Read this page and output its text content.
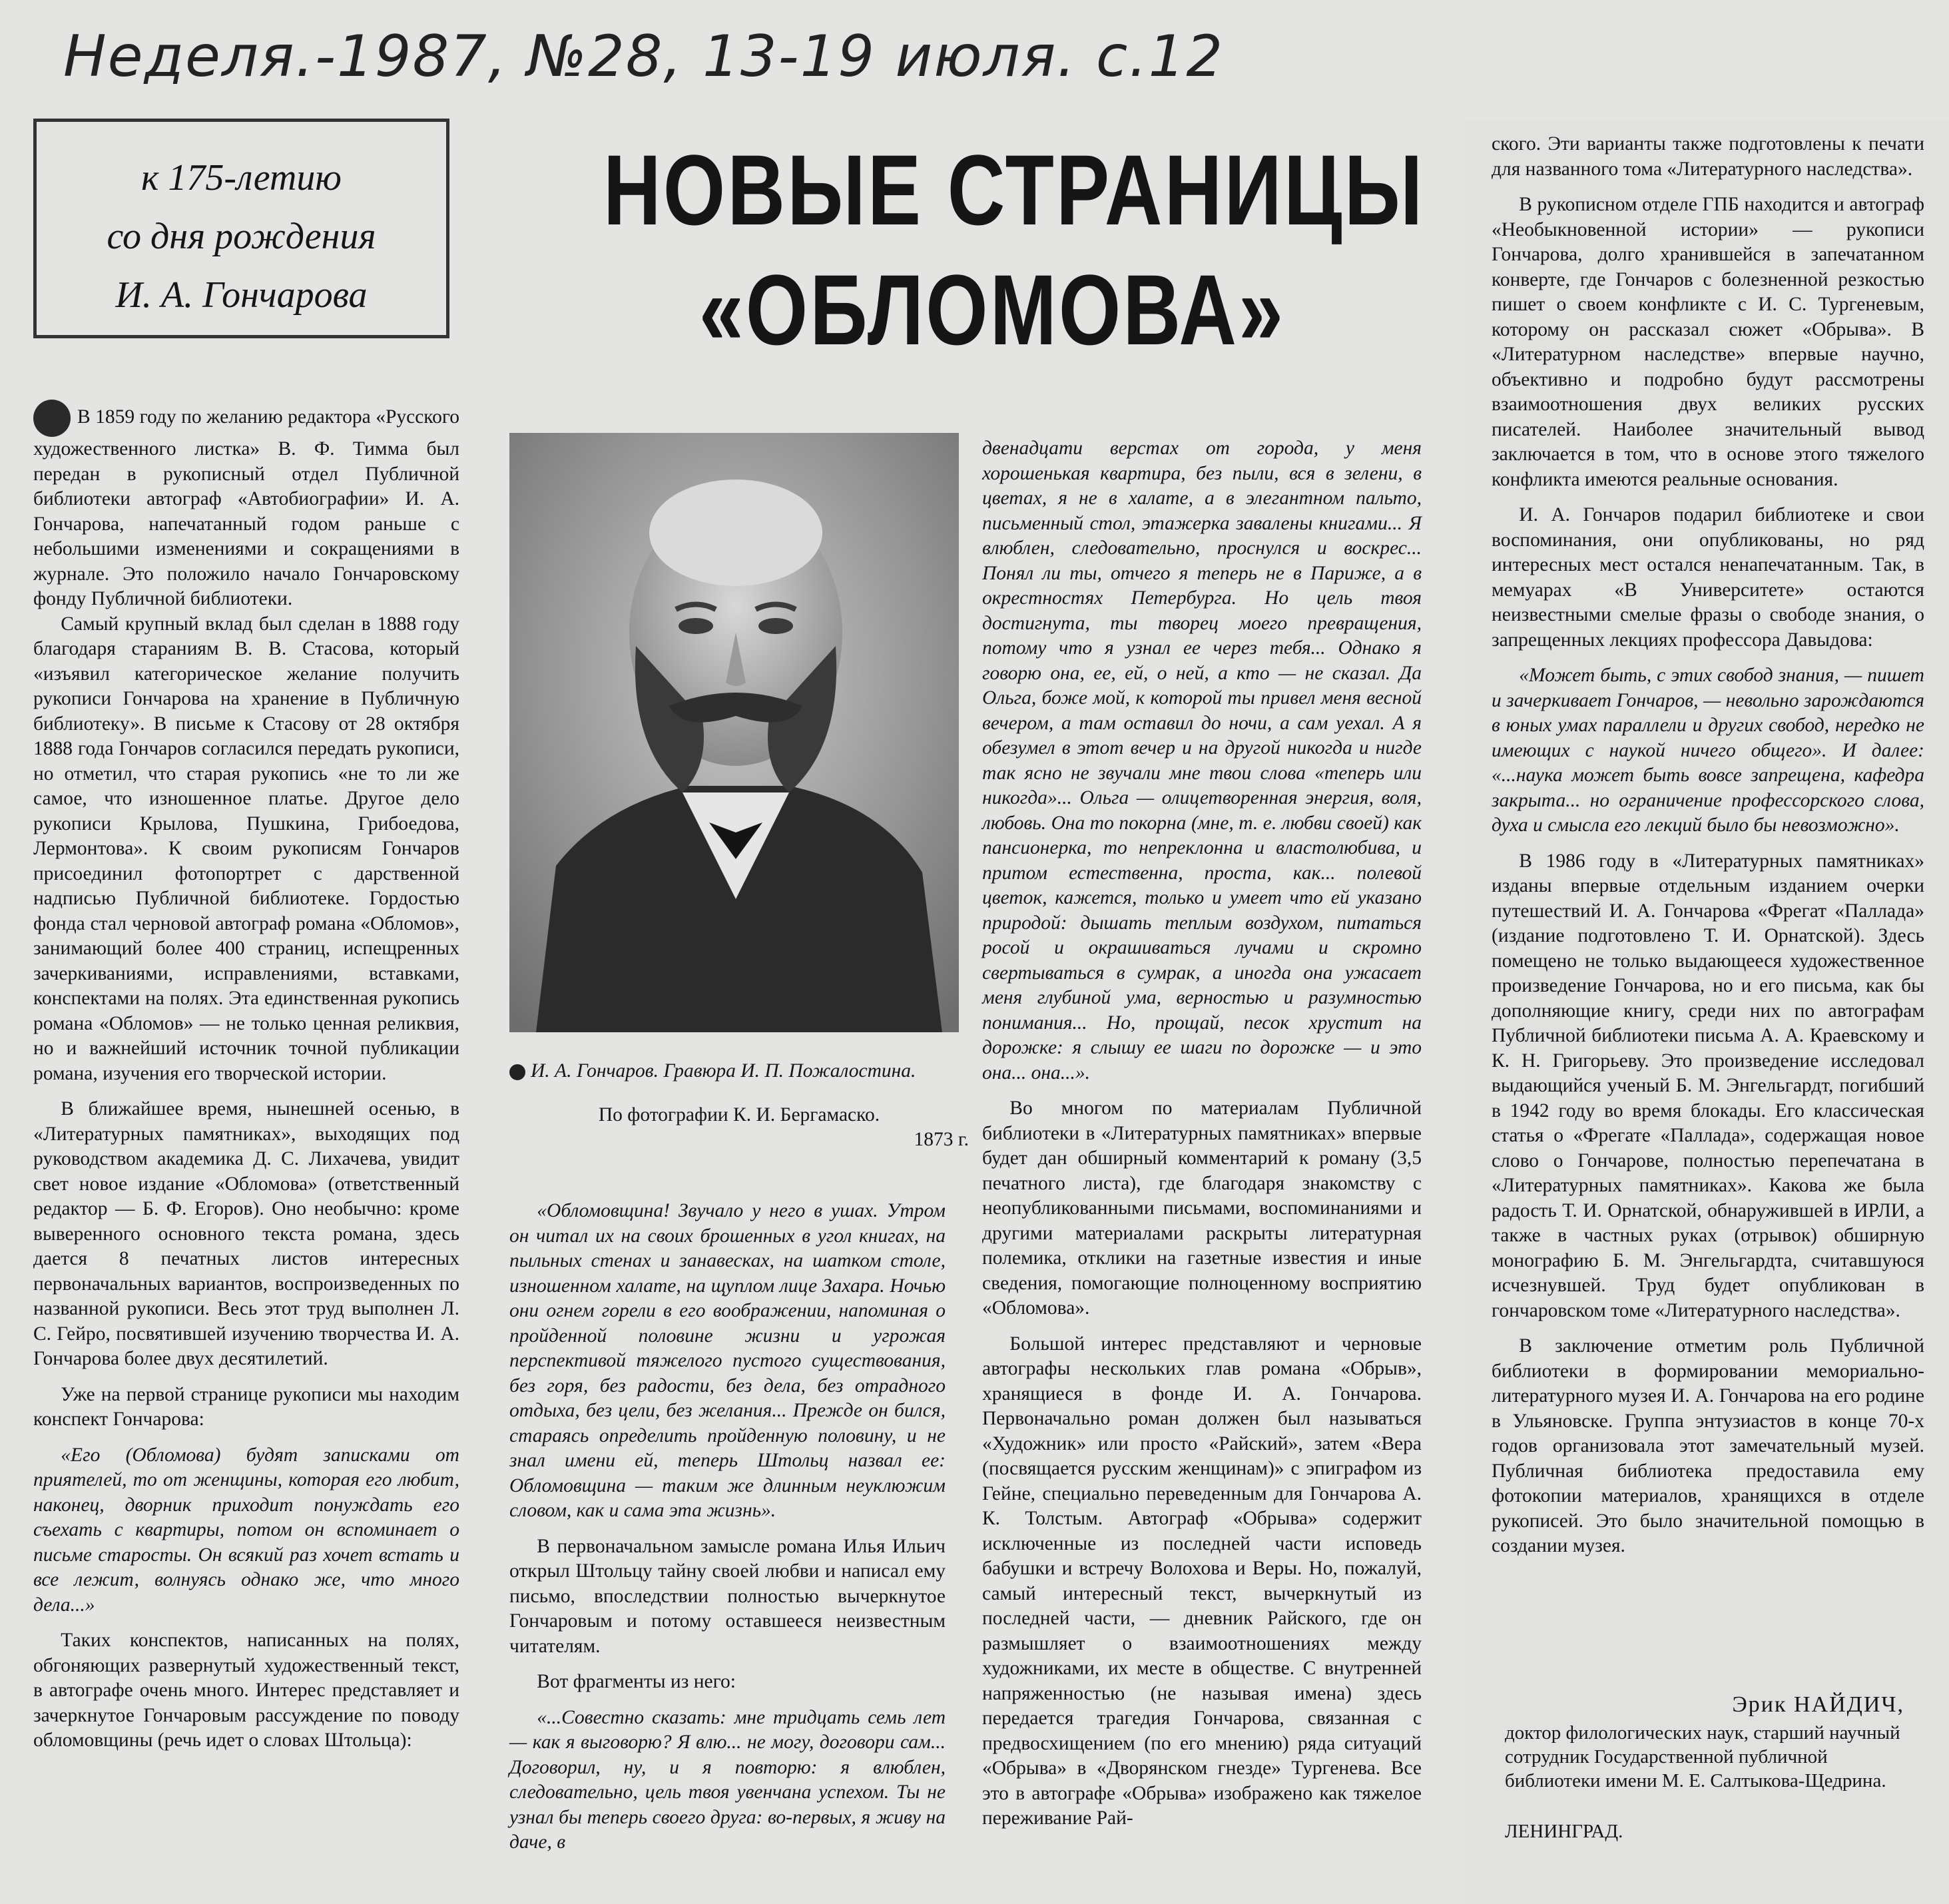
Неделя.-1987, №28, 13-19 июля. с.12
к 175-летию
со дня рождения
И. А. Гончарова
НОВЫЕ СТРАНИЦЫ
«ОБЛОМОВА»

В 1859 году по желанию редактора «Русского художественного листка» В. Ф. Тимма был передан в рукописный отдел Публичной библиотеки автограф «Автобиографии» И. А. Гончарова, напечатанный годом раньше с небольшими изменениями и сокращениями в журнале. Это положило начало Гончаровскому фонду Публичной библиотеки.

Самый крупный вклад был сделан в 1888 году благодаря стараниям В. В. Стасова, который «изъявил категорическое желание получить рукописи Гончарова на хранение в Публичную библиотеку». В письме к Стасову от 28 октября 1888 года Гончаров согласился передать рукописи, но отметил, что старая рукопись «не то ли же самое, что изношенное платье. Другое дело рукописи Крылова, Пушкина, Грибоедова, Лермонтова». К своим рукописям Гончаров присоединил фотопортрет с дарственной надписью Публичной библиотеке. Гордостью фонда стал черновой автограф романа «Обломов», занимающий более 400 страниц, испещренных зачеркиваниями, исправлениями, вставками, конспектами на полях. Эта единственная рукопись романа «Обломов» — не только ценная реликвия, но и важнейший источник точной публикации романа, изучения его творческой истории.

В ближайшее время, нынешней осенью, в «Литературных памятниках», выходящих под руководством академика Д. С. Лихачева, увидит свет новое издание «Обломова» (ответственный редактор — Б. Ф. Егоров). Оно необычно: кроме выверенного основного текста романа, здесь дается 8 печатных листов интересных первоначальных вариантов, воспроизведенных по названной рукописи. Весь этот труд выполнен Л. С. Гейро, посвятившей изучению творчества И. А. Гончарова более двух десятилетий.

Уже на первой странице рукописи мы находим конспект Гончарова:

«Его (Обломова) будят записками от приятелей, то от женщины, которая его любит, наконец, дворник приходит понуждать его съехать с квартиры, потом он вспоминает о письме старосты. Он всякий раз хочет встать и все лежит, волнуясь однако же, что много дела...»

Таких конспектов, написанных на полях, обгоняющих развернутый художественный текст, в автографе очень много. Интерес представляет и зачеркнутое Гончаровым рассуждение по поводу обломовщины (речь идет о словах Штольца):

И. А. Гончаров. Гравюра И. П. Пожалостина.
По фотографии К. И. Бергамаско.
1873 г.

«Обломовщина! Звучало у него в ушах. Утром он читал их на своих брошенных в угол книгах, на пыльных стенах и занавесках, на шатком столе, изношенном халате, на щуплом лице Захара. Ночью они огнем горели в его воображении, напоминая о пройденной половине жизни и угрожая перспективой тяжелого пустого существования, без горя, без радости, без дела, без отрадного отдыха, без цели, без желания... Прежде он бился, стараясь определить пройденную половину, и не знал имени ей, теперь Штольц назвал ее: Обломовщина — таким же длинным неуклюжим словом, как и сама эта жизнь».

В первоначальном замысле романа Илья Ильич открыл Штольцу тайну своей любви и написал ему письмо, впоследствии полностью вычеркнутое Гончаровым и потому оставшееся неизвестным читателям.

Вот фрагменты из него:

«...Совестно сказать: мне тридцать семь лет — как я выговорю? Я влю... не могу, договори сам... Договорил, ну, и я повторю: я влюблен, следовательно, цель твоя увенчана успехом. Ты не узнал бы теперь своего друга: во-первых, я живу на даче, в

двенадцати верстах от города, у меня хорошенькая квартира, без пыли, вся в зелени, в цветах, я не в халате, а в элегантном пальто, письменный стол, этажерка завалены книгами... Я влюблен, следовательно, проснулся и воскрес... Понял ли ты, отчего я теперь не в Париже, а в окрестностях Петербурга. Но цель твоя достигнута, ты творец моего превращения, потому что я узнал ее через тебя... Однако я говорю она, ее, ей, о ней, а кто — не сказал. Да Ольга, боже мой, к которой ты привел меня весной вечером, а там оставил до ночи, а сам уехал. А я обезумел в этот вечер и на другой никогда и нигде так ясно не звучали мне твои слова «теперь или никогда»... Ольга — олицетворенная энергия, воля, любовь. Она то покорна (мне, т. е. любви своей) как пансионерка, то непреклонна и властолюбива, и притом естественна, проста, как... полевой цветок, кажется, только и умеет что ей указано природой: дышать теплым воздухом, питаться росой и окрашиваться лучами и скромно свертываться в сумрак, а иногда она ужасает меня глубиной ума, верностью и разумностью понимания... Но, прощай, песок хрустит на дорожке: я слышу ее шаги по дорожке — и это она... она...».

Во многом по материалам Публичной библиотеки в «Литературных памятниках» впервые будет дан обширный комментарий к роману (3,5 печатного листа), где благодаря знакомству с неопубликованными письмами, воспоминаниями и другими материалами раскрыты литературная полемика, отклики на газетные известия и иные сведения, помогающие полноценному восприятию «Обломова».

Большой интерес представляют и черновые автографы нескольких глав романа «Обрыв», хранящиеся в фонде И. А. Гончарова. Первоначально роман должен был называться «Художник» или просто «Райский», затем «Вера (посвящается русским женщинам)» с эпиграфом из Гейне, специально переведенным для Гончарова А. К. Толстым. Автограф «Обрыва» содержит исключенные из последней части исповедь бабушки и встречу Волохова и Веры. Но, пожалуй, самый интересный текст, вычеркнутый из последней части, — дневник Райского, где он размышляет о взаимоотношениях между художниками, их месте в обществе. С внутренней напряженностью (не называя имена) здесь передается трагедия Гончарова, связанная с предвосхищением (по его мнению) ряда ситуаций «Обрыва» в «Дворянском гнезде» Тургенева. Все это в автографе «Обрыва» изображено как тяжелое переживание Рай-

ского. Эти варианты также подготовлены к печати для названного тома «Литературного наследства».

В рукописном отделе ГПБ находится и автограф «Необыкновенной истории» — рукописи Гончарова, долго хранившейся в запечатанном конверте, где Гончаров с болезненной резкостью пишет о своем конфликте с И. С. Тургеневым, которому он рассказал сюжет «Обрыва». В «Литературном наследстве» впервые научно, объективно и подробно будут рассмотрены взаимоотношения двух великих русских писателей. Наиболее значительный вывод заключается в том, что в основе этого тяжелого конфликта имеются реальные основания.

И. А. Гончаров подарил библиотеке и свои воспоминания, они опубликованы, но ряд интересных мест остался ненапечатанным. Так, в мемуарах «В Университете» остаются неизвестными смелые фразы о свободе знания, о запрещенных лекциях профессора Давыдова:

«Может быть, с этих свобод знания, — пишет и зачеркивает Гончаров, — невольно зарождаются в юных умах параллели и других свобод, нередко не имеющих с наукой ничего общего». И далее: «...наука может быть вовсе запрещена, кафедра закрыта... но ограничение профессорского слова, духа и смысла его лекций было бы невозможно».

В 1986 году в «Литературных памятниках» изданы впервые отдельным изданием очерки путешествий И. А. Гончарова «Фрегат «Паллада» (издание подготовлено Т. И. Орнатской). Здесь помещено не только выдающееся художественное произведение Гончарова, но и его письма, как бы дополняющие книгу, среди них по автографам Публичной библиотеки письма А. А. Краевскому и К. Н. Григорьеву. Это произведение исследовал выдающийся ученый Б. М. Энгельгардт, погибший в 1942 году во время блокады. Его классическая статья о «Фрегате «Паллада», содержащая новое слово о Гончарове, полностью перепечатана в «Литературных памятниках». Какова же была радость Т. И. Орнатской, обнаружившей в ИРЛИ, а также в частных руках (отрывок) обширную монографию Б. М. Энгельгардта, считавшуюся исчезнувшей. Труд будет опубликован в гончаровском томе «Литературного наследства».

В заключение отметим роль Публичной библиотеки в формировании мемориально-литературного музея И. А. Гончарова на его родине в Ульяновске. Группа энтузиастов в конце 70-х годов организовала этот замечательный музей. Публичная библиотека предоставила ему фотокопии материалов, хранящихся в отделе рукописей. Это было значительной помощью в создании музея.

Эрик НАЙДИЧ,
доктор филологических наук, старший научный сотрудник Государственной публичной библиотеки имени М. Е. Салтыкова-Щедрина.
ЛЕНИНГРАД.
